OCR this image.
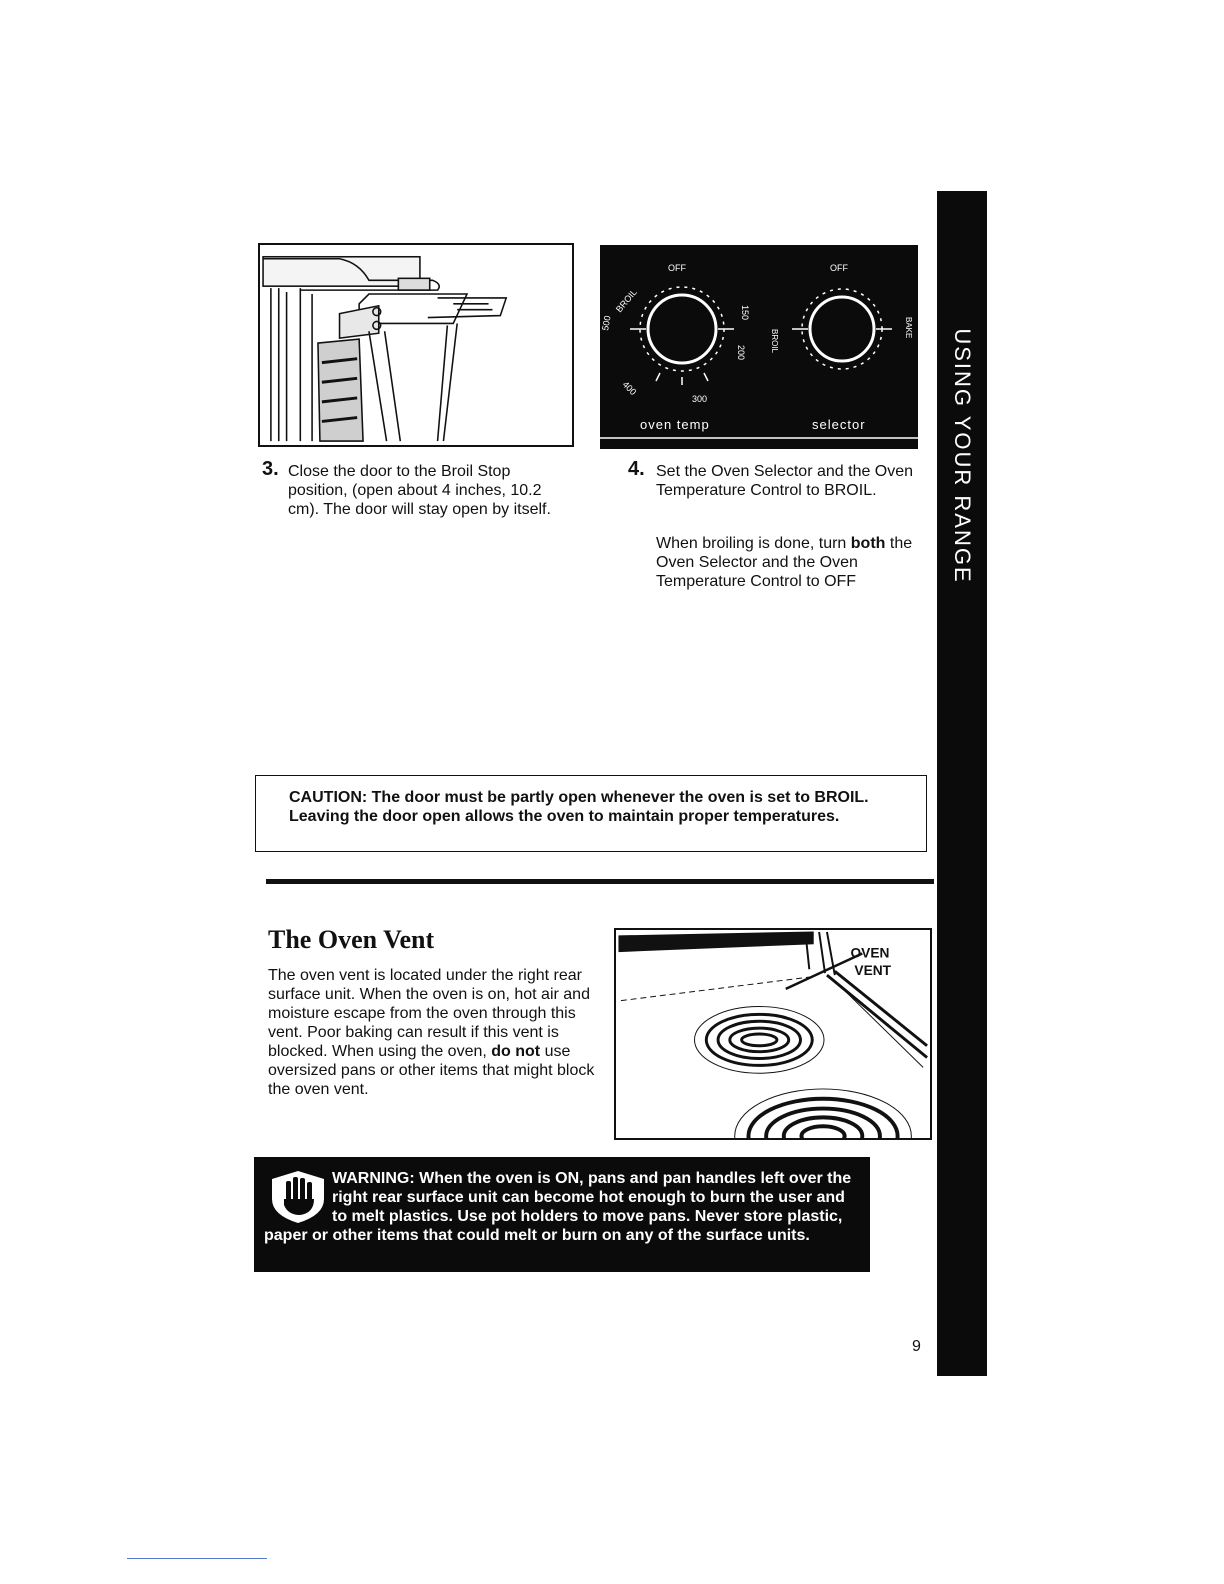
USING YOUR RANGE
OFF	OFF
BROIL
500
400
300
200
150
BROIL
BAKE
oven temp	selector
3. Close the door to the Broil Stop position, (open about 4 inches, 10.2 cm). The door will stay open by itself.
4. Set the Oven Selector and the Oven Temperature Control to BROIL.
When broiling is done, turn both the Oven Selector and the Oven Temperature Control to OFF
CAUTION: The door must be partly open whenever the oven is set to BROIL. Leaving the door open allows the oven to maintain proper temperatures.
The Oven Vent
The oven vent is located under the right rear surface unit. When the oven is on, hot air and moisture escape from the oven through this vent. Poor baking can result if this vent is blocked. When using the oven, do not use oversized pans or other items that might block the oven vent.
OVEN
VENT
WARNING: When the oven is ON, pans and pan handles left over the right rear surface unit can become hot enough to burn the user and to melt plastics. Use pot holders to move pans. Never store plastic, paper or other items that could melt or burn on any of the surface units.
9
